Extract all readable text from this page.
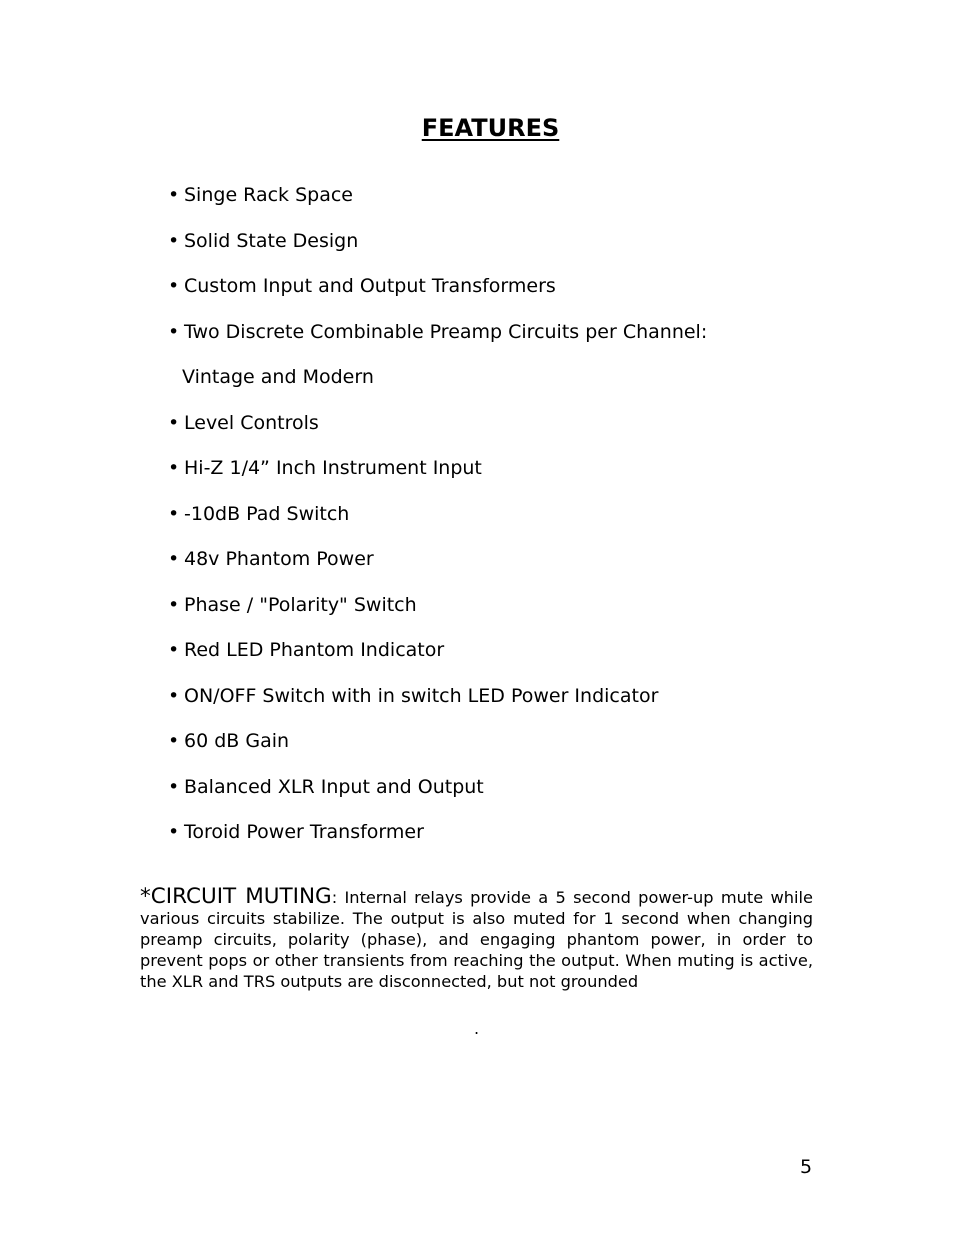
FEATURES
• Singe Rack Space
• Solid State Design
• Custom Input and Output Transformers
• Two Discrete Combinable Preamp Circuits per Channel:
Vintage and Modern
• Level Controls
• Hi-Z 1/4” Inch Instrument Input
• -10dB Pad Switch
• 48v Phantom Power
• Phase / "Polarity" Switch
• Red LED Phantom Indicator
• ON/OFF Switch with in switch LED Power Indicator
• 60 dB Gain
• Balanced XLR Input and Output
• Toroid Power Transformer

*CIRCUIT MUTING: Internal relays provide a 5 second power-up mute while various circuits stabilize. The output is also muted for 1 second when changing preamp circuits, polarity (phase), and engaging phantom power, in order to prevent pops or other transients from reaching the output. When muting is active, the XLR and TRS outputs are disconnected, but not grounded

.
5
